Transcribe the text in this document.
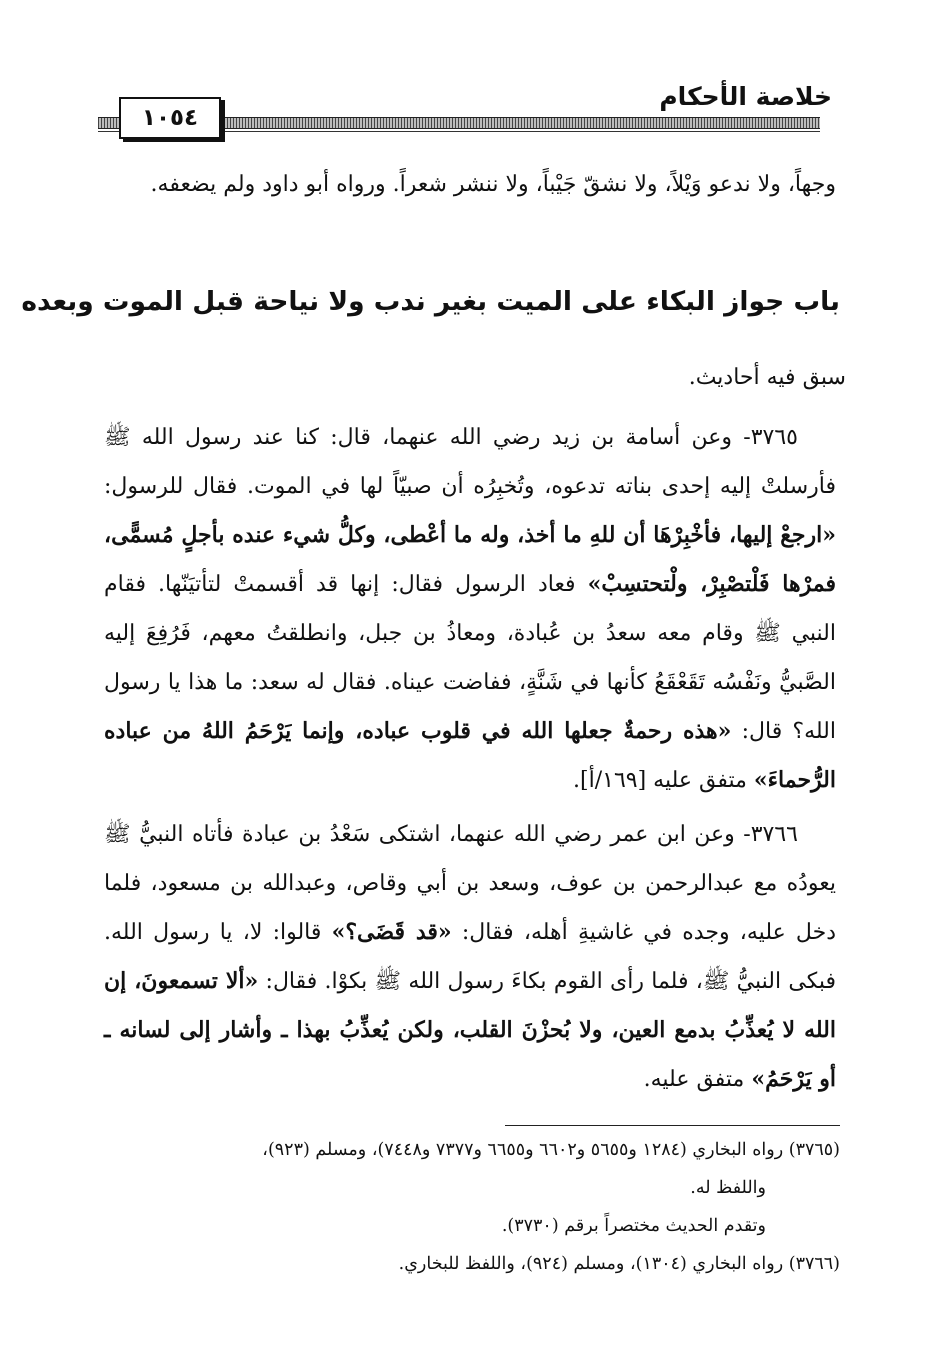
خلاصة الأحكام
١٠٥٤
وجهاً، ولا ندعو وَيْلاً، ولا نشقّ جَيْباً، ولا ننشر شعراً. ورواه أبو داود ولم يضعفه.
باب جواز البكاء على الميت بغير ندب ولا نياحة قبل الموت وبعده
سبق فيه أحاديث.
٣٧٦٥- وعن أسامة بن زيد رضي الله عنهما، قال: كنا عند رسول الله ﷺ فأرسلتْ إليه إحدى بناته تدعوه، وتُخبِرُه أن صبيّاً لها في الموت. فقال للرسول: «ارجعْ إليها، فأخْبِرْهَا أن للهِ ما أخذ، وله ما أعْطى، وكلُّ شيء عنده بأجلٍ مُسمًّى، فمرْها فَلْتصْبِرْ، ولْتحتسِبْ» فعاد الرسول فقال: إنها قد أقسمتْ لتأتيَنّها. فقام النبي ﷺ وقام معه سعدُ بن عُبادة، ومعاذُ بن جبل، وانطلقتُ معهم، فَرُفِعَ إليه الصَّبيُّ ونَفْسُه تَقَعْقَعُ كأنها في شَنَّةٍ، ففاضت عيناه. فقال له سعد: ما هذا يا رسول الله؟ قال: «هذه رحمةٌ جعلها الله في قلوب عباده، وإنما يَرْحَمُ اللهُ من عباده الرُّحماءَ» متفق عليه [١٦٩/أ].
٣٧٦٦- وعن ابن عمر رضي الله عنهما، اشتكى سَعْدُ بن عبادة فأتاه النبيُّ ﷺ يعودُه مع عبدالرحمن بن عوف، وسعد بن أبي وقاص، وعبدالله بن مسعود، فلما دخل عليه، وجده في غاشيةِ أهله، فقال: «قد قَضَى؟» قالوا: لا، يا رسول الله. فبكى النبيُّ ﷺ، فلما رأى القوم بكاءَ رسول الله ﷺ بكوْا. فقال: «ألا تسمعونَ، إن الله لا يُعذِّبُ بدمع العين، ولا بُحزْنَ القلب، ولكن يُعذِّبُ بهذا ـ وأشار إلى لسانه ـ أو يَرْحَمُ» متفق عليه.
(٣٧٦٥) رواه البخاري (١٢٨٤ و٥٦٥٥ و٦٦٠٢ و٦٦٥٥ و٧٣٧٧ و٧٤٤٨)، ومسلم (٩٢٣)،
واللفظ له.
وتقدم الحديث مختصراً برقم (٣٧٣٠).
(٣٧٦٦) رواه البخاري (١٣٠٤)، ومسلم (٩٢٤)، واللفظ للبخاري.
